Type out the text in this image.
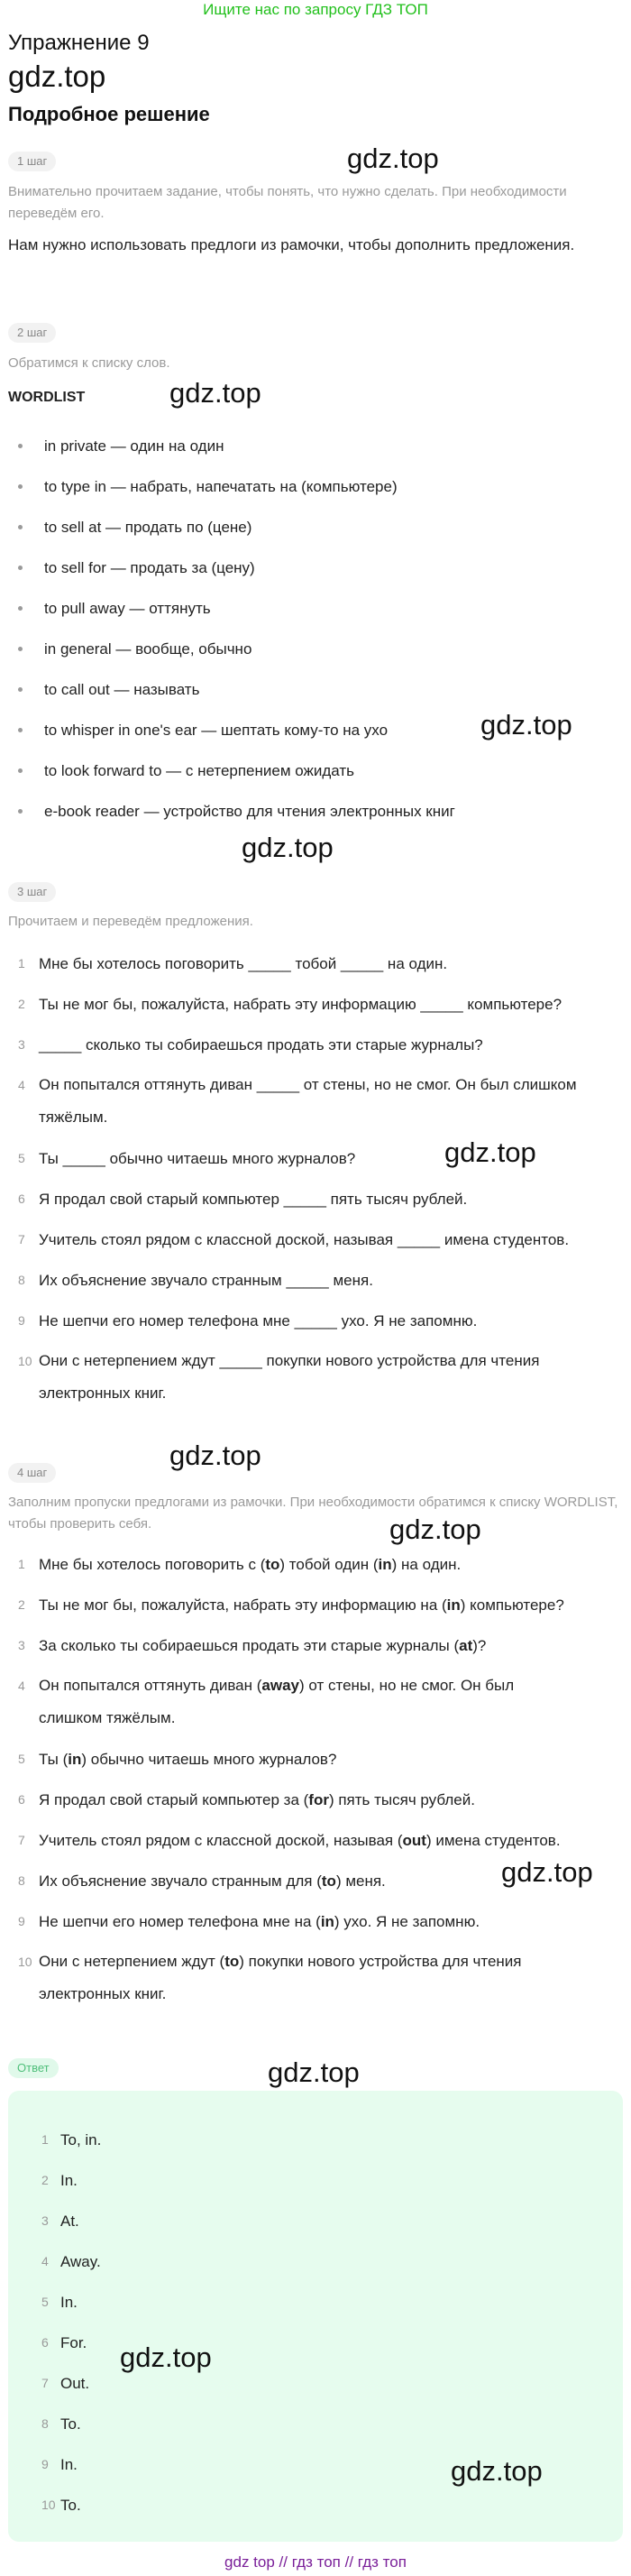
Ищите нас по запросу ГДЗ ТОП
Упражнение 9
gdz.top
Подробное решение
1 шаг	gdz.top
Внимательно прочитаем задание, чтобы понять, что нужно сделать. При необходимости переведём его.
Нам нужно использовать предлоги из рамочки, чтобы дополнить предложения.
2 шаг
Обратимся к списку слов.
WORDLIST	gdz.top
in private — один на один
to type in — набрать, напечатать на (компьютере)
to sell at — продать по (цене)
to sell for — продать за (цену)
to pull away — оттянуть
in general — вообще, обычно
to call out — называть
to whisper in one's ear — шептать кому-то на ухо
to look forward to — с нетерпением ожидать
e-book reader — устройство для чтения электронных книг
gdz.top
gdz.top
3 шаг
Прочитаем и переведём предложения.
1 Мне бы хотелось поговорить _____ тобой _____ на один.
2 Ты не мог бы, пожалуйста, набрать эту информацию _____ компьютере?
3 _____ сколько ты собираешься продать эти старые журналы?
4 Он попытался оттянуть диван _____ от стены, но не смог. Он был слишком тяжёлым.
5 Ты _____ обычно читаешь много журналов?
6 Я продал свой старый компьютер _____ пять тысяч рублей.
7 Учитель стоял рядом с классной доской, называя _____ имена студентов.
8 Их объяснение звучало странным _____ меня.
9 Не шепчи его номер телефона мне _____ ухо. Я не запомню.
10 Они с нетерпением ждут _____ покупки нового устройства для чтения электронных книг.
gdz.top
gdz.top
4 шаг
Заполним пропуски предлогами из рамочки. При необходимости обратимся к списку WORDLIST, чтобы проверить себя.	gdz.top
1 Мне бы хотелось поговорить с (to) тобой один (in) на один.
2 Ты не мог бы, пожалуйста, набрать эту информацию на (in) компьютере?
3 За сколько ты собираешься продать эти старые журналы (at)?
4 Он попытался оттянуть диван (away) от стены, но не смог. Он был слишком тяжёлым.
5 Ты (in) обычно читаешь много журналов?
6 Я продал свой старый компьютер за (for) пять тысяч рублей.
7 Учитель стоял рядом с классной доской, называя (out) имена студентов.
8 Их объяснение звучало странным для (to) меня.
9 Не шепчи его номер телефона мне на (in) ухо. Я не запомню.
10 Они с нетерпением ждут (to) покупки нового устройства для чтения электронных книг.
gdz.top
gdz.top
Ответ
1 To, in.
2 In.
3 At.
4 Away.
5 In.
6 For.
7 Out.
8 To.
9 In.
10 To.
gdz.top
gdz.top
gdz top // гдз топ // гдз топ
